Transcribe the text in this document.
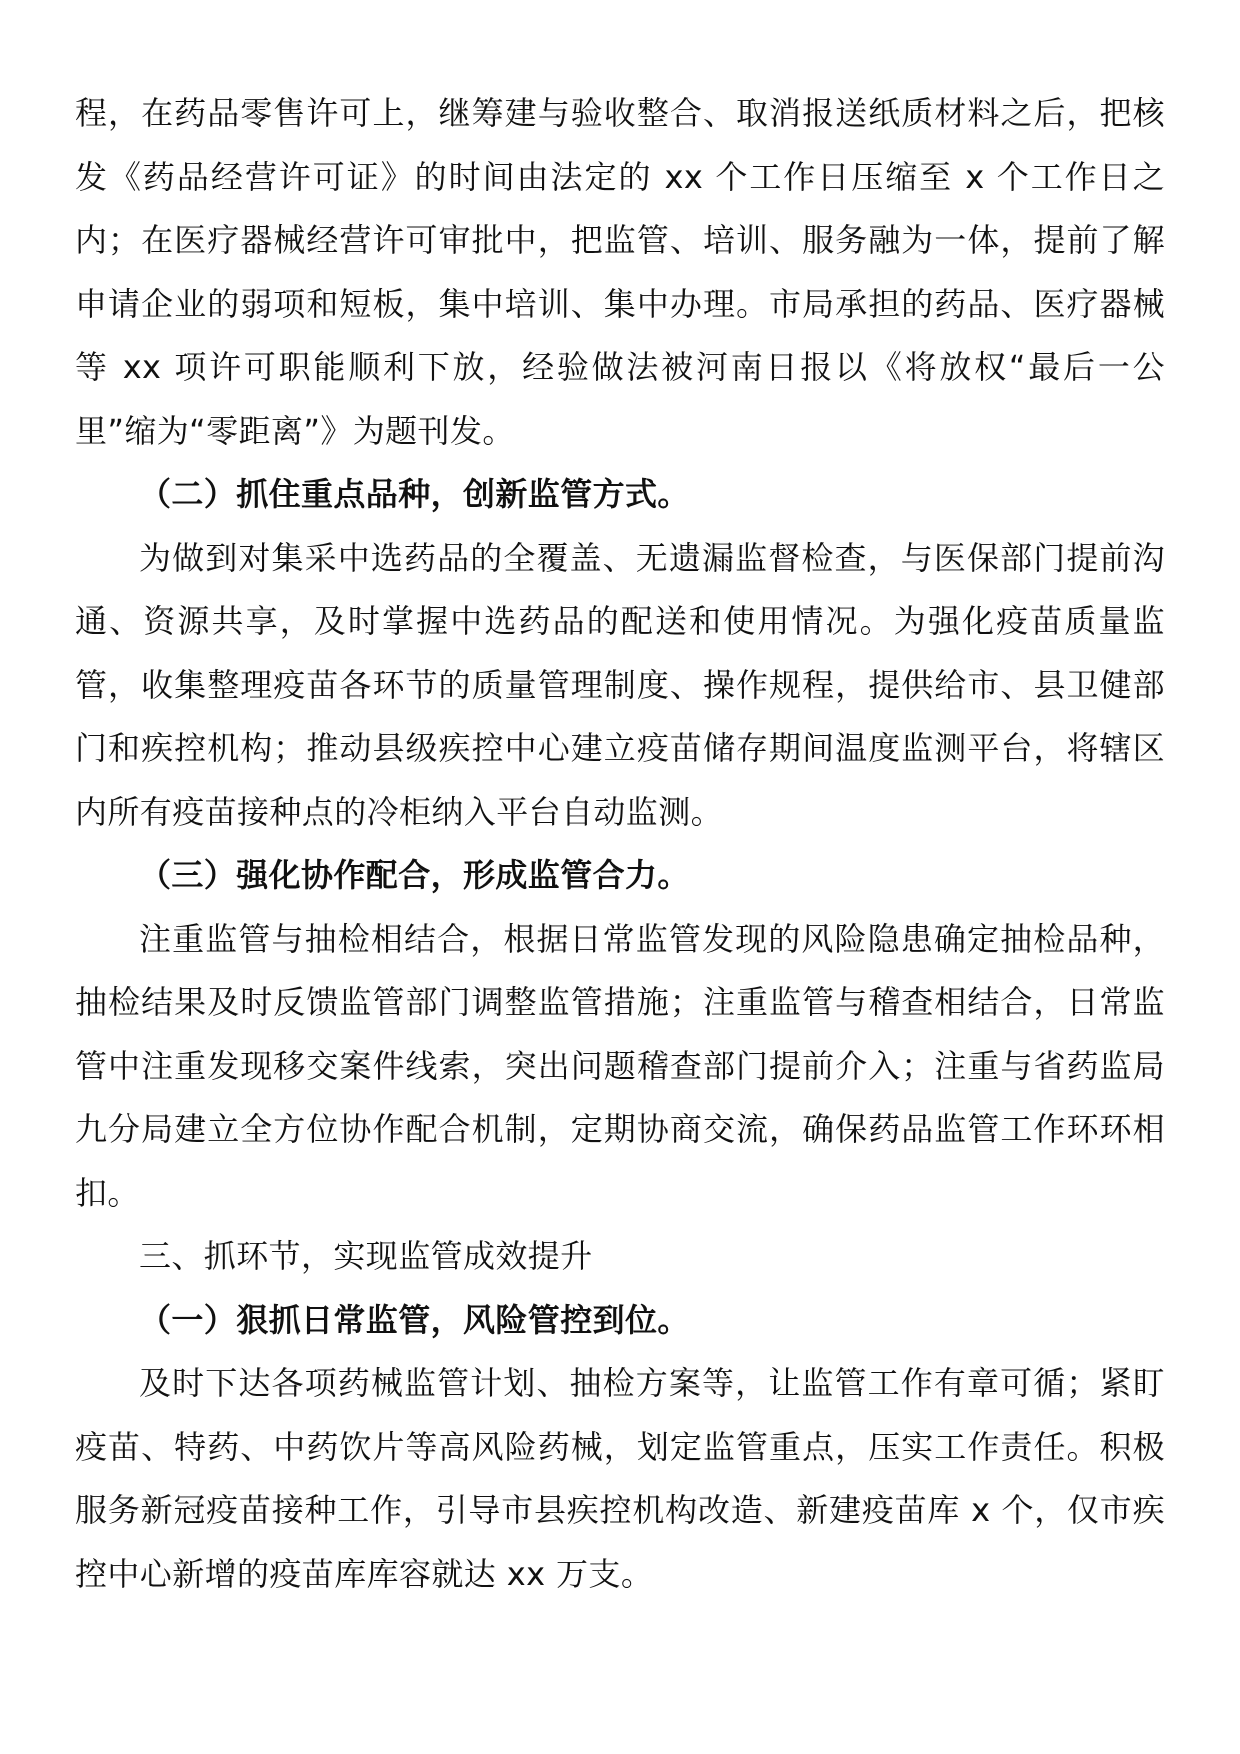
程，在药品零售许可上，继筹建与验收整合、取消报送纸质材料之后，把核发《药品经营许可证》的时间由法定的 xx 个工作日压缩至 x 个工作日之内；在医疗器械经营许可审批中，把监管、培训、服务融为一体，提前了解申请企业的弱项和短板，集中培训、集中办理。市局承担的药品、医疗器械等 xx 项许可职能顺利下放，经验做法被河南日报以《将放权“最后一公里”缩为“零距离”》为题刊发。

（二）抓住重点品种，创新监管方式。

为做到对集采中选药品的全覆盖、无遗漏监督检查，与医保部门提前沟通、资源共享，及时掌握中选药品的配送和使用情况。为强化疫苗质量监管，收集整理疫苗各环节的质量管理制度、操作规程，提供给市、县卫健部门和疾控机构；推动县级疾控中心建立疫苗储存期间温度监测平台，将辖区内所有疫苗接种点的冷柜纳入平台自动监测。

（三）强化协作配合，形成监管合力。

注重监管与抽检相结合，根据日常监管发现的风险隐患确定抽检品种，抽检结果及时反馈监管部门调整监管措施；注重监管与稽查相结合，日常监管中注重发现移交案件线索，突出问题稽查部门提前介入；注重与省药监局九分局建立全方位协作配合机制，定期协商交流，确保药品监管工作环环相扣。

三、抓环节，实现监管成效提升

（一）狠抓日常监管，风险管控到位。

及时下达各项药械监管计划、抽检方案等，让监管工作有章可循；紧盯疫苗、特药、中药饮片等高风险药械，划定监管重点，压实工作责任。积极服务新冠疫苗接种工作，引导市县疾控机构改造、新建疫苗库 x 个，仅市疾控中心新增的疫苗库库容就达 xx 万支。
